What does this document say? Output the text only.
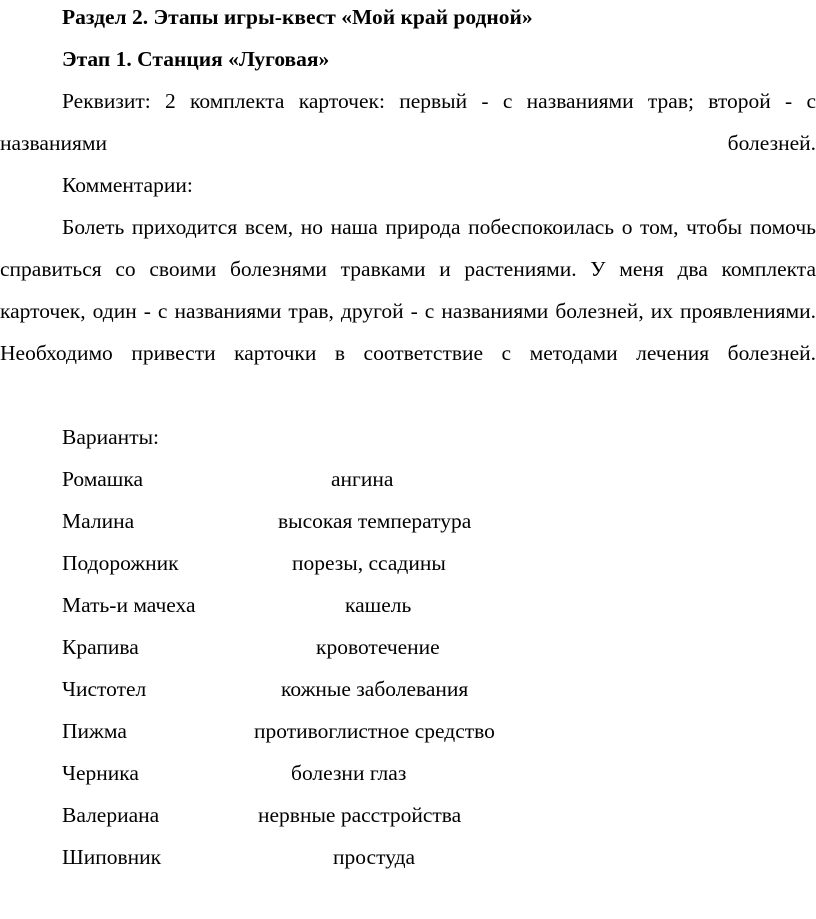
Раздел 2. Этапы игры-квест «Мой край родной»
Этап 1. Станция «Луговая»
Реквизит: 2 комплекта карточек: первый - с названиями трав; второй - с названиями болезней.
Комментарии:
Болеть приходится всем, но наша природа побеспокоилась о том, чтобы помочь справиться со своими болезнями травками и растениями. У меня два комплекта карточек, один - с названиями трав, другой - с названиями болезней, их проявлениями. Необходимо привести карточки в соответствие с методами лечения болезней.
Варианты:
Ромашка	ангина
Малина	высокая температура
Подорожник	порезы, ссадины
Мать-и мачеха	кашель
Крапива	кровотечение
Чистотел	кожные заболевания
Пижма	противоглистное средство
Черника	болезни глаз
Валериана	нервные расстройства
Шиповник	простуда
